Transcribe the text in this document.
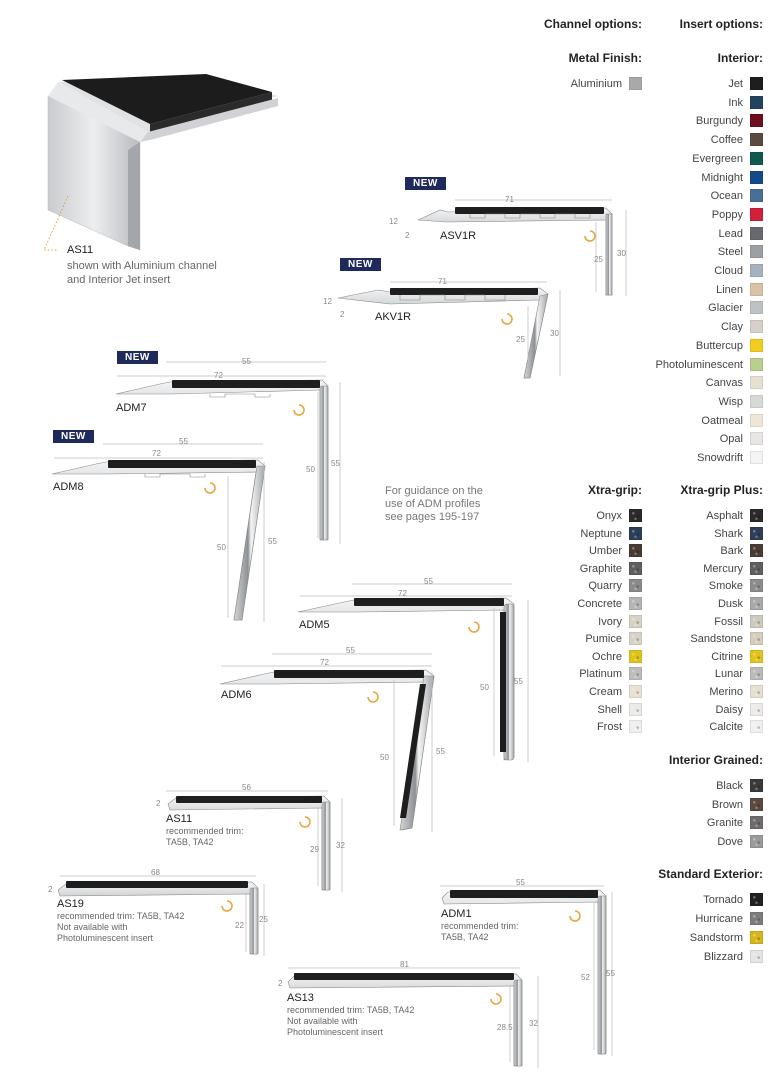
Channel options:	Insert options:
Metal Finish:	Interior:
Xtra-grip:	Xtra-grip Plus:
Interior Grained:
Standard Exterior:
Aluminium	Jet
Ink
Burgundy
Coffee
Evergreen
Midnight
Ocean
Poppy
Lead
Steel
Cloud
Linen
Glacier
Clay
Buttercup
Photoluminescent
Canvas
Wisp
Oatmeal
Opal
Snowdrift
Onyx
Neptune
Umber
Graphite
Quarry
Concrete
Ivory
Pumice
Ochre
Platinum
Cream
Shell
Frost
Asphalt
Shark
Bark
Mercury
Smoke
Dusk
Fossil
Sandstone
Citrine
Lunar
Merino
Daisy
Calcite
Black
Brown
Granite
Dove
Tornado
Hurricane
Sandstorm
Blizzard
71
12
2
25
30
71
12
2
25
30
55
72
50
55
55
72
50
55
55
72
50
55
55
72
50
55
56
2
29 32
68
2
22
25
55
52 55
81
2
28.5 32
AS11
shown with Aluminium channel
and Interior Jet insert
For guidance on the
use of ADM profiles
see pages 195-197
NEW
NEW
NEW
NEW
ASV1R
AKV1R
ADM7
ADM8
ADM5
ADM6
AS11
recommended trim:
TA5B, TA42
AS19
recommended trim: TA5B, TA42
Not available with
Photoluminescent insert
ADM1
recommended trim:
TA5B, TA42
AS13
recommended trim: TA5B, TA42
Not available with
Photoluminescent insert
